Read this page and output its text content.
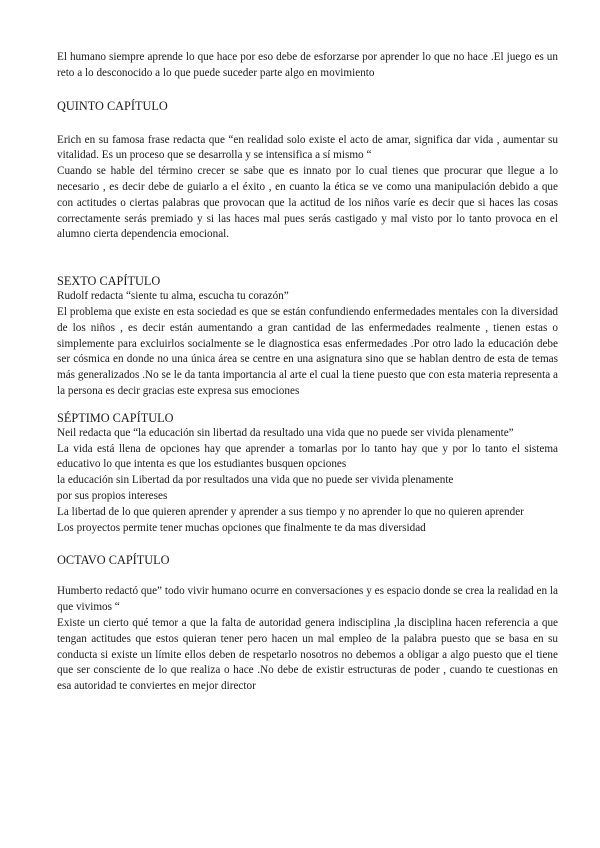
El humano siempre aprende lo que hace por eso debe de esforzarse por aprender lo que no hace .El juego es un reto a lo desconocido a lo que puede suceder parte algo en movimiento

QUINTO CAPÍTULO

Erich en su famosa frase redacta que “en realidad solo existe el acto de amar, significa dar vida , aumentar su vitalidad. Es un proceso que se desarrolla y se intensifica a sí mismo “

Cuando se hable del término crecer se sabe que es innato por lo cual tienes que procurar que llegue a lo necesario , es decir debe de guiarlo a el éxito , en cuanto la ética se ve como una manipulación debido a que con actitudes o ciertas palabras que provocan que la actitud de los niños varíe es decir que si haces las cosas correctamente serás premiado y si las haces mal pues serás castigado y mal visto por lo tanto provoca en el alumno cierta dependencia emocional.

SEXTO CAPÍTULO

Rudolf redacta “siente tu alma, escucha tu corazón”

El problema que existe en esta sociedad es que se están confundiendo enfermedades mentales con la diversidad de los niños , es decir están aumentando a gran cantidad de las enfermedades realmente , tienen estas o simplemente para excluirlos socialmente se le diagnostica esas enfermedades .Por otro lado la educación debe ser cósmica en donde no una única área se centre en una asignatura sino que se hablan dentro de esta de temas más generalizados .No se le da tanta importancia al arte el cual la tiene puesto que con esta materia representa a la persona es decir gracias este expresa sus emociones

SÉPTIMO CAPÍTULO

Neil redacta que “la educación sin libertad da resultado una vida que no puede ser vivida plenamente”

La vida está llena de opciones hay que aprender a tomarlas por lo tanto hay que y por lo tanto el sistema educativo lo que intenta es que los estudiantes busquen opciones

la educación sin Libertad da por resultados una vida que no puede ser vivida plenamente

por sus propios intereses

La libertad de lo que quieren aprender y aprender a sus tiempo y no aprender lo que no quieren aprender

Los proyectos permite tener muchas opciones que finalmente te da mas diversidad

OCTAVO CAPÍTULO

Humberto redactó que” todo vivir humano ocurre en conversaciones y es espacio donde se crea la realidad en la que vivimos “

Existe un cierto qué temor a que la falta de autoridad genera indisciplina ,la disciplina hacen referencia a que tengan actitudes que estos quieran tener pero hacen un mal empleo de la palabra puesto que se basa en su conducta si existe un límite ellos deben de respetarlo nosotros no debemos a obligar a algo puesto que el tiene que ser consciente de lo que realiza o hace .No debe de existir estructuras de poder , cuando te cuestionas en esa autoridad te conviertes en mejor director
